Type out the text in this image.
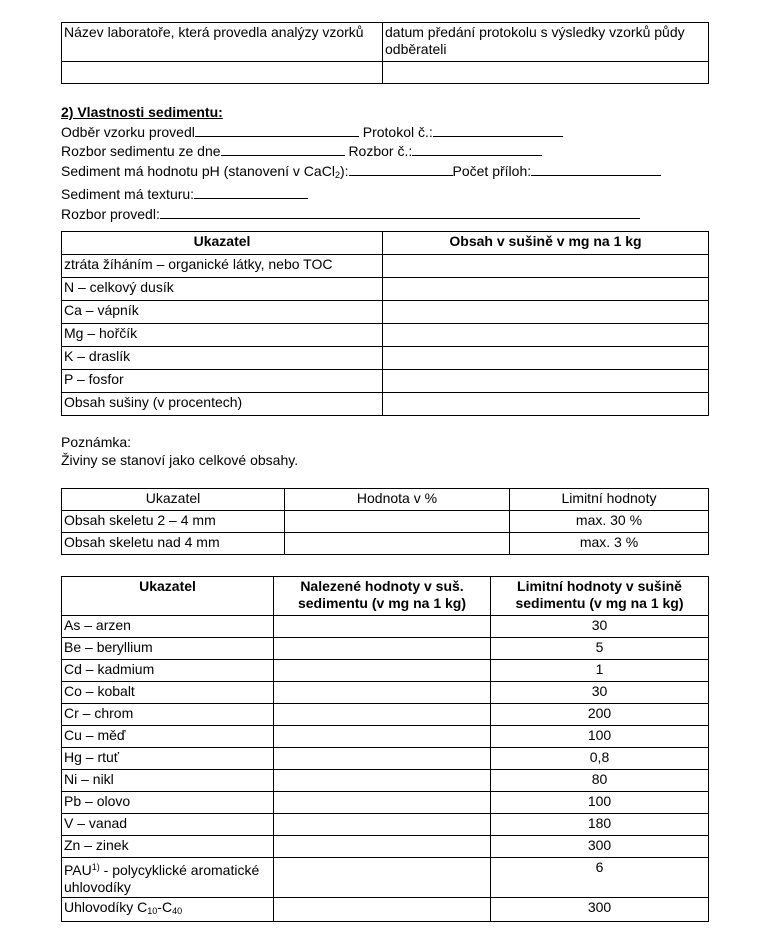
Název laboratoře, která provedla analýzy vzorků	datum předání protokolu s výsledky vzorků půdy odběrateli

2) Vlastnosti sedimentu:
Odběr vzorku provedl	Protokol č.:
Rozbor sedimentu ze dne	Rozbor č.:
Sediment má hodnotu pH (stanovení v CaCl$_2$):	Počet příloh:
Sediment má texturu:
Rozbor provedl:
Ukazatel	Obsah v sušině v mg na 1 kg
ztráta žíháním – organické látky, nebo TOC	
N – celkový dusík	
Ca – vápník	
Mg – hořčík	
K – draslík	
P – fosfor	
Obsah sušiny (v procentech)	
Poznámka:
Živiny se stanoví jako celkové obsahy.
Ukazatel	Hodnota v %	Limitní hodnoty
Obsah skeletu 2 – 4 mm		max. 30 %
Obsah skeletu nad 4 mm		max. 3 %
Ukazatel	Nalezené hodnoty v suš. sedimentu (v mg na 1 kg)	Limitní hodnoty v sušině sedimentu (v mg na 1 kg)
As – arzen		30
Be – beryllium		5
Cd – kadmium		1
Co – kobalt		30
Cr – chrom		200
Cu – měď		100
Hg – rtuť		0,8
Ni – nikl		80
Pb – olovo		100
V – vanad		180
Zn – zinek		300
PAU$^{1)}$ - polycyklické aromatické uhlovodíky		6
Uhlovodíky $C_{10}-C_{40}$		300
